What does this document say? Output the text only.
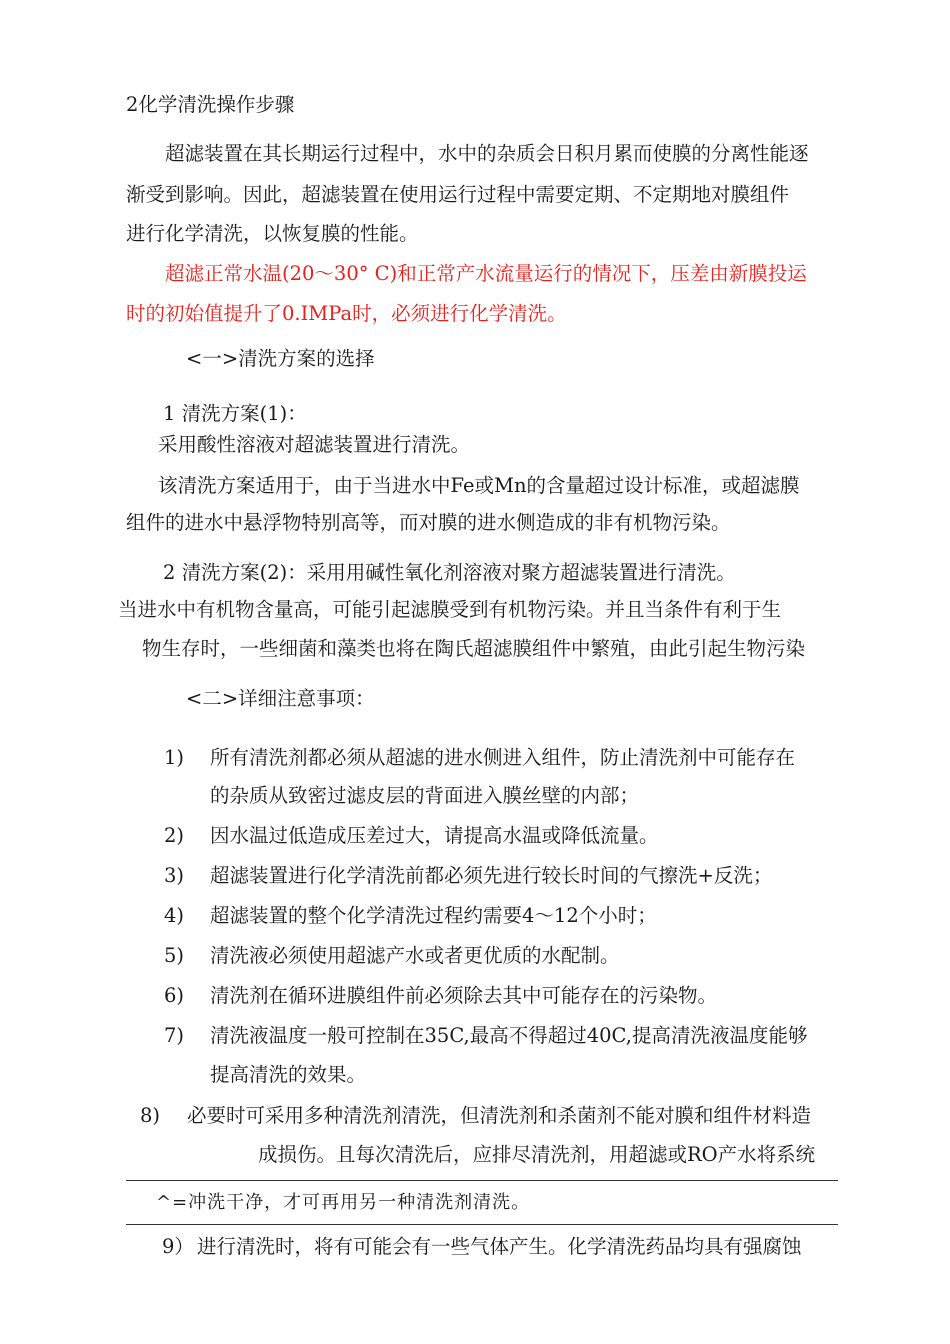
2化学清洗操作步骤
超滤装置在其长期运行过程中，水中的杂质会日积月累而使膜的分离性能逐
渐受到影响。因此，超滤装置在使用运行过程中需要定期、不定期地对膜组件
进行化学清洗，以恢复膜的性能。
超滤正常水温(20〜30° C)和正常产水流量运行的情况下，压差由新膜投运
时的初始值提升了0.IMPa时，必须进行化学清洗。
<一>清洗方案的选择
1 清洗方案(1)：
采用酸性溶液对超滤装置进行清洗。
该清洗方案适用于，由于当进水中Fe或Mn的含量超过设计标准，或超滤膜
组件的进水中悬浮物特别高等，而对膜的进水侧造成的非有机物污染。
2 清洗方案(2)：采用用碱性氧化剂溶液对聚方超滤装置进行清洗。
当进水中有机物含量高，可能引起滤膜受到有机物污染。并且当条件有利于生
物生存时，一些细菌和藻类也将在陶氏超滤膜组件中繁殖，由此引起生物污染
<二>详细注意事项：
1) 所有清洗剂都必须从超滤的进水侧进入组件，防止清洗剂中可能存在
的杂质从致密过滤皮层的背面进入膜丝壁的内部；
2) 因水温过低造成压差过大，请提高水温或降低流量。
3) 超滤装置进行化学清洗前都必须先进行较长时间的气擦洗+反洗；
4) 超滤装置的整个化学清洗过程约需要4〜12个小时；
5) 清洗液必须使用超滤产水或者更优质的水配制。
6) 清洗剂在循环进膜组件前必须除去其中可能存在的污染物。
7) 清洗液温度一般可控制在35C,最高不得超过40C,提高清洗液温度能够
提高清洗的效果。
8) 必要时可采用多种清洗剂清洗，但清洗剂和杀菌剂不能对膜和组件材料造
成损伤。且每次清洗后，应排尽清洗剂，用超滤或RO产水将系统
^=冲洗干净，才可再用另一种清洗剂清洗。
9） 进行清洗时，将有可能会有一些气体产生。化学清洗药品均具有强腐蚀
